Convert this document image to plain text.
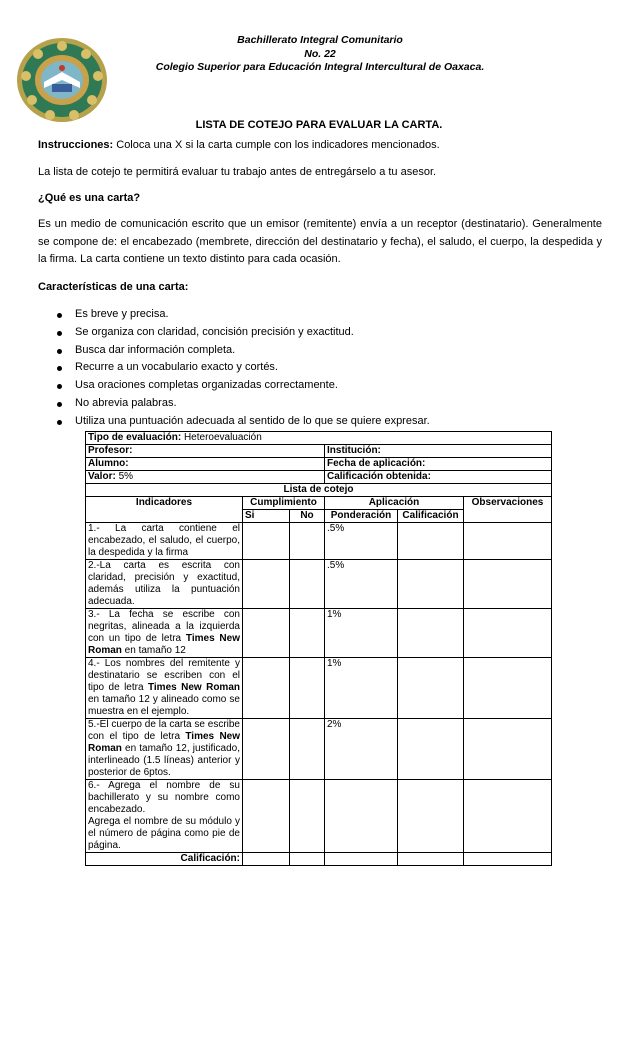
Bachillerato Integral Comunitario
No. 22
Colegio Superior para Educación Integral Intercultural de Oaxaca.
LISTA DE COTEJO PARA EVALUAR LA CARTA.
Instrucciones: Coloca una X si la carta cumple con los indicadores mencionados.
La lista de cotejo te permitirá evaluar tu trabajo antes de entregárselo a tu asesor.
¿Qué es una carta?
Es un medio de comunicación escrito que un emisor (remitente) envía a un receptor (destinatario). Generalmente se compone de: el encabezado (membrete, dirección del destinatario y fecha), el saludo, el cuerpo, la despedida y la firma. La carta contiene un texto distinto para cada ocasión.
Características de una carta:
Es breve y precisa.
Se organiza con claridad, concisión precisión y exactitud.
Busca dar información completa.
Recurre a un vocabulario exacto y cortés.
Usa oraciones completas organizadas correctamente.
No abrevia palabras.
Utiliza una puntuación adecuada al sentido de lo que se quiere expresar.
Tipo de evaluación: Heteroevaluación					
Profesor:			Institución:		
Alumno:			Fecha de aplicación:		
Valor: 5%			Calificación obtenida:		
Lista de cotejo					
Indicadores	Cumplimiento		Aplicación		Observaciones
	Si	No	Ponderación	Calificación	
1.- La carta contiene el encabezado, el saludo, el cuerpo, la despedida y la firma			.5%		
2.-La carta es escrita con claridad, precisión y exactitud, además utiliza la puntuación adecuada.			.5%		
3.- La fecha se escribe con negritas, alineada a la izquierda con un tipo de letra Times New Roman en tamaño 12			1%		
4.- Los nombres del remitente y destinatario se escriben con el tipo de letra Times New Roman en tamaño 12 y alineado como se muestra en el ejemplo.			1%		
5.-El cuerpo de la carta se escribe con el tipo de letra Times New Roman en tamaño 12, justificado, interlineado (1.5 líneas) anterior y posterior de 6ptos.			2%		
6.- Agrega el nombre de su bachillerato y su nombre como encabezado.
Agrega el nombre de su módulo y el número de página como pie de página.					
Calificación:					
